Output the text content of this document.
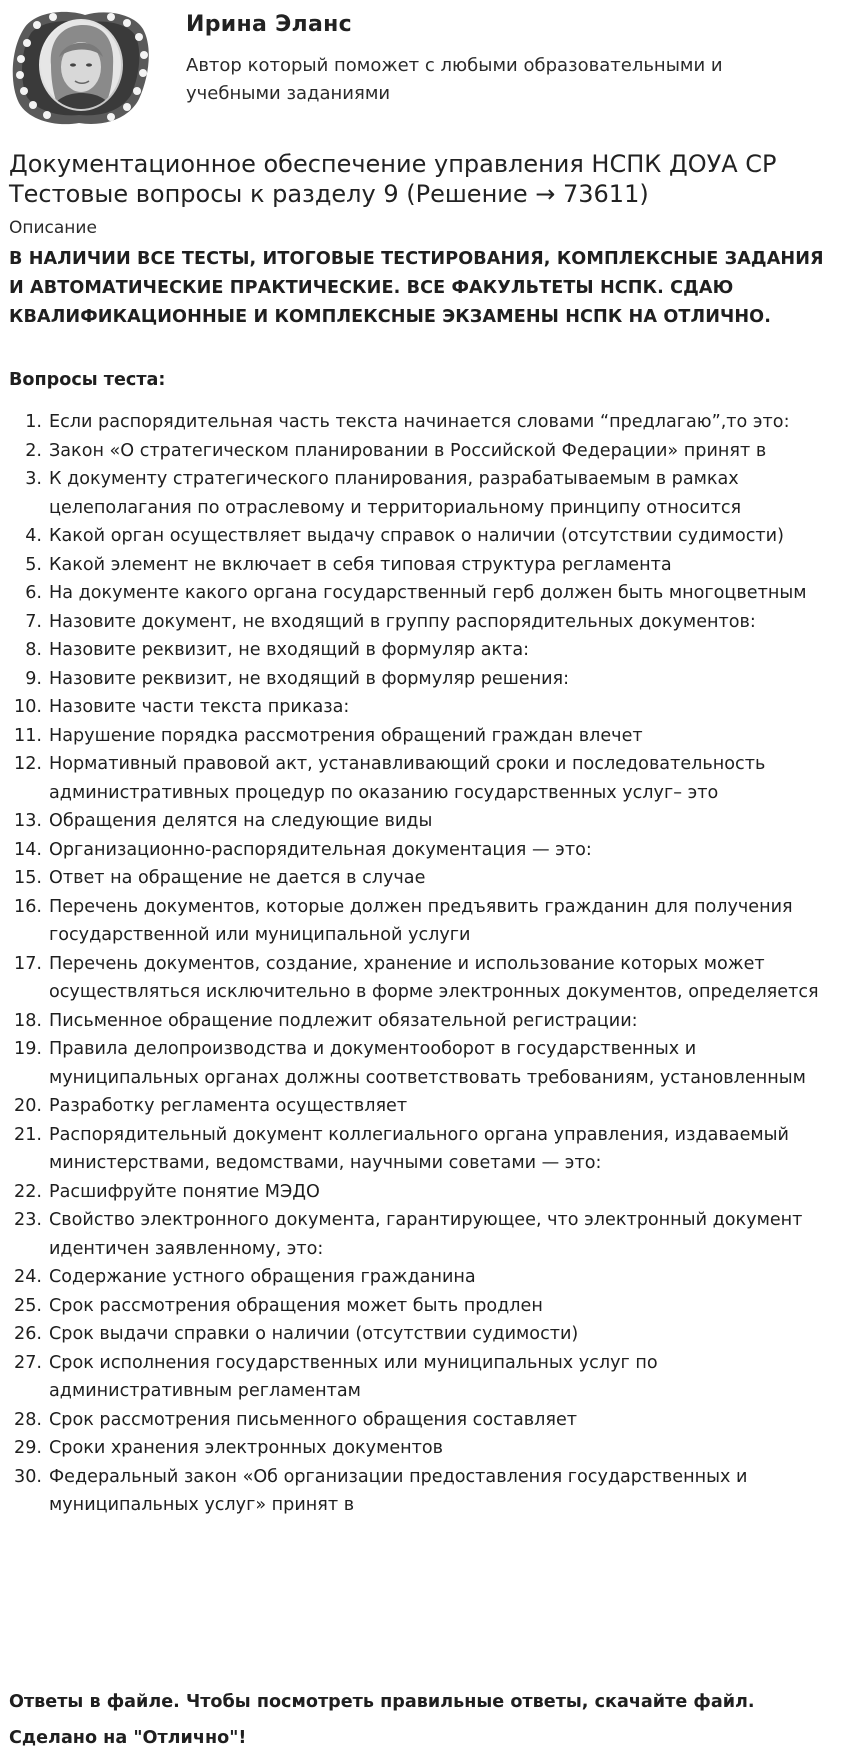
Ирина Эланс
Автор который поможет с любыми образовательными и учебными заданиями
Документационное обеспечение управления НСПК ДОУА СР Тестовые вопросы к разделу 9 (Решение → 73611)
Описание
В НАЛИЧИИ ВСЕ ТЕСТЫ, ИТОГОВЫЕ ТЕСТИРОВАНИЯ, КОМПЛЕКСНЫЕ ЗАДАНИЯ И АВТОМАТИЧЕСКИЕ ПРАКТИЧЕСКИЕ. ВСЕ ФАКУЛЬТЕТЫ НСПК. СДАЮ КВАЛИФИКАЦИОННЫЕ И КОМПЛЕКСНЫЕ ЭКЗАМЕНЫ НСПК НА ОТЛИЧНО.
Вопросы теста:
1. Если распорядительная часть текста начинается словами “предлагаю”,то это:
2. Закон «О стратегическом планировании в Российской Федерации» принят в
3. К документу стратегического планирования, разрабатываемым в рамках целеполагания по отраслевому и территориальному принципу относится
4. Какой орган осуществляет выдачу справок о наличии (отсутствии судимости)
5. Какой элемент не включает в себя типовая структура регламента
6. На документе какого органа государственный герб должен быть многоцветным
7. Назовите документ, не входящий в группу распорядительных документов:
8. Назовите реквизит, не входящий в формуляр акта:
9. Назовите реквизит, не входящий в формуляр решения:
10. Назовите части текста приказа:
11. Нарушение порядка рассмотрения обращений граждан влечет
12. Нормативный правовой акт, устанавливающий сроки и последовательность административных процедур по оказанию государственных услуг– это
13. Обращения делятся на следующие виды
14. Организационно-распорядительная документация — это:
15. Ответ на обращение не дается в случае
16. Перечень документов, которые должен предъявить гражданин для получения государственной или муниципальной услуги
17. Перечень документов, создание, хранение и использование которых может осуществляться исключительно в форме электронных документов, определяется
18. Письменное обращение подлежит обязательной регистрации:
19. Правила делопроизводства и документооборот в государственных и муниципальных органах должны соответствовать требованиям, установленным
20. Разработку регламента осуществляет
21. Распорядительный документ коллегиального органа управления, издаваемый министерствами, ведомствами, научными советами — это:
22. Расшифруйте понятие МЭДО
23. Свойство электронного документа, гарантирующее, что электронный документ идентичен заявленному, это:
24. Содержание устного обращения гражданина
25. Срок рассмотрения обращения может быть продлен
26. Срок выдачи справки о наличии (отсутствии судимости)
27. Срок исполнения государственных или муниципальных услуг по административным регламентам
28. Срок рассмотрения письменного обращения составляет
29. Сроки хранения электронных документов
30. Федеральный закон «Об организации предоставления государственных и муниципальных услуг» принят в
Ответы в файле. Чтобы посмотреть правильные ответы, скачайте файл.
Сделано на "Отлично"!
